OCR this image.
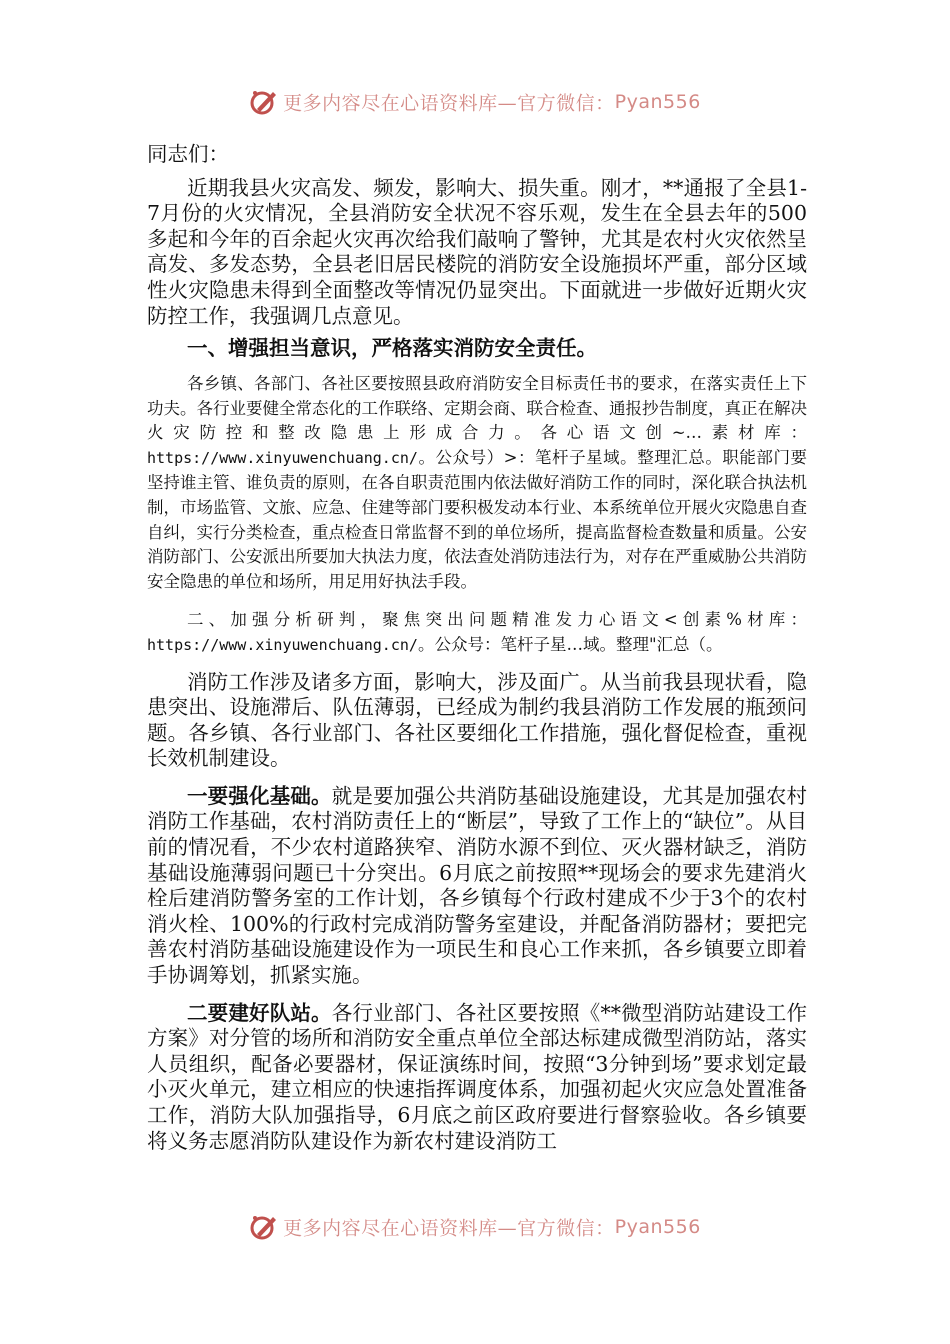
更多内容尽在心语资料库—官方微信：Pyan556

同志们：

近期我县火灾高发、频发，影响大、损失重。刚才，**通报了全县1-7月份的火灾情况，全县消防安全状况不容乐观，发生在全县去年的500多起和今年的百余起火灾再次给我们敲响了警钟，尤其是农村火灾依然呈高发、多发态势，全县老旧居民楼院的消防安全设施损坏严重，部分区域性火灾隐患未得到全面整改等情况仍显突出。下面就进一步做好近期火灾防控工作，我强调几点意见。

一、增强担当意识，严格落实消防安全责任。

各乡镇、各部门、各社区要按照县政府消防安全目标责任书的要求，在落实责任上下功夫。各行业要健全常态化的工作联络、定期会商、联合检查、通报抄告制度，真正在解决火灾防控和整改隐患上形成合力。各心语文创~…素材库：https://www.xinyuwenchuang.cn/。公众号）>：笔杆子星域。整理汇总。职能部门要坚持谁主管、谁负责的原则，在各自职责范围内依法做好消防工作的同时，深化联合执法机制，市场监管、文旅、应急、住建等部门要积极发动本行业、本系统单位开展火灾隐患自查自纠，实行分类检查，重点检查日常监督不到的单位场所，提高监督检查数量和质量。公安消防部门、公安派出所要加大执法力度，依法查处消防违法行为，对存在严重威胁公共消防安全隐患的单位和场所，用足用好执法手段。

二、加强分析研判，聚焦突出问题精准发力心语文<创素%材库：https://www.xinyuwenchuang.cn/。公众号：笔杆子星…域。整理"汇总（。

消防工作涉及诸多方面，影响大，涉及面广。从当前我县现状看，隐患突出、设施滞后、队伍薄弱，已经成为制约我县消防工作发展的瓶颈问题。各乡镇、各行业部门、各社区要细化工作措施，强化督促检查，重视长效机制建设。

一要强化基础。就是要加强公共消防基础设施建设，尤其是加强农村消防工作基础，农村消防责任上的“断层”，导致了工作上的“缺位”。从目前的情况看，不少农村道路狭窄、消防水源不到位、灭火器材缺乏，消防基础设施薄弱问题已十分突出。6月底之前按照**现场会的要求先建消火栓后建消防警务室的工作计划，各乡镇每个行政村建成不少于3个的农村消火栓、100%的行政村完成消防警务室建设，并配备消防器材；要把完善农村消防基础设施建设作为一项民生和良心工作来抓，各乡镇要立即着手协调筹划，抓紧实施。

二要建好队站。各行业部门、各社区要按照《**微型消防站建设工作方案》对分管的场所和消防安全重点单位全部达标建成微型消防站，落实人员组织，配备必要器材，保证演练时间，按照“3分钟到场”要求划定最小灭火单元，建立相应的快速指挥调度体系，加强初起火灾应急处置准备工作，消防大队加强指导，6月底之前区政府要进行督察验收。各乡镇要将义务志愿消防队建设作为新农村建设消防工

更多内容尽在心语资料库—官方微信：Pyan556
